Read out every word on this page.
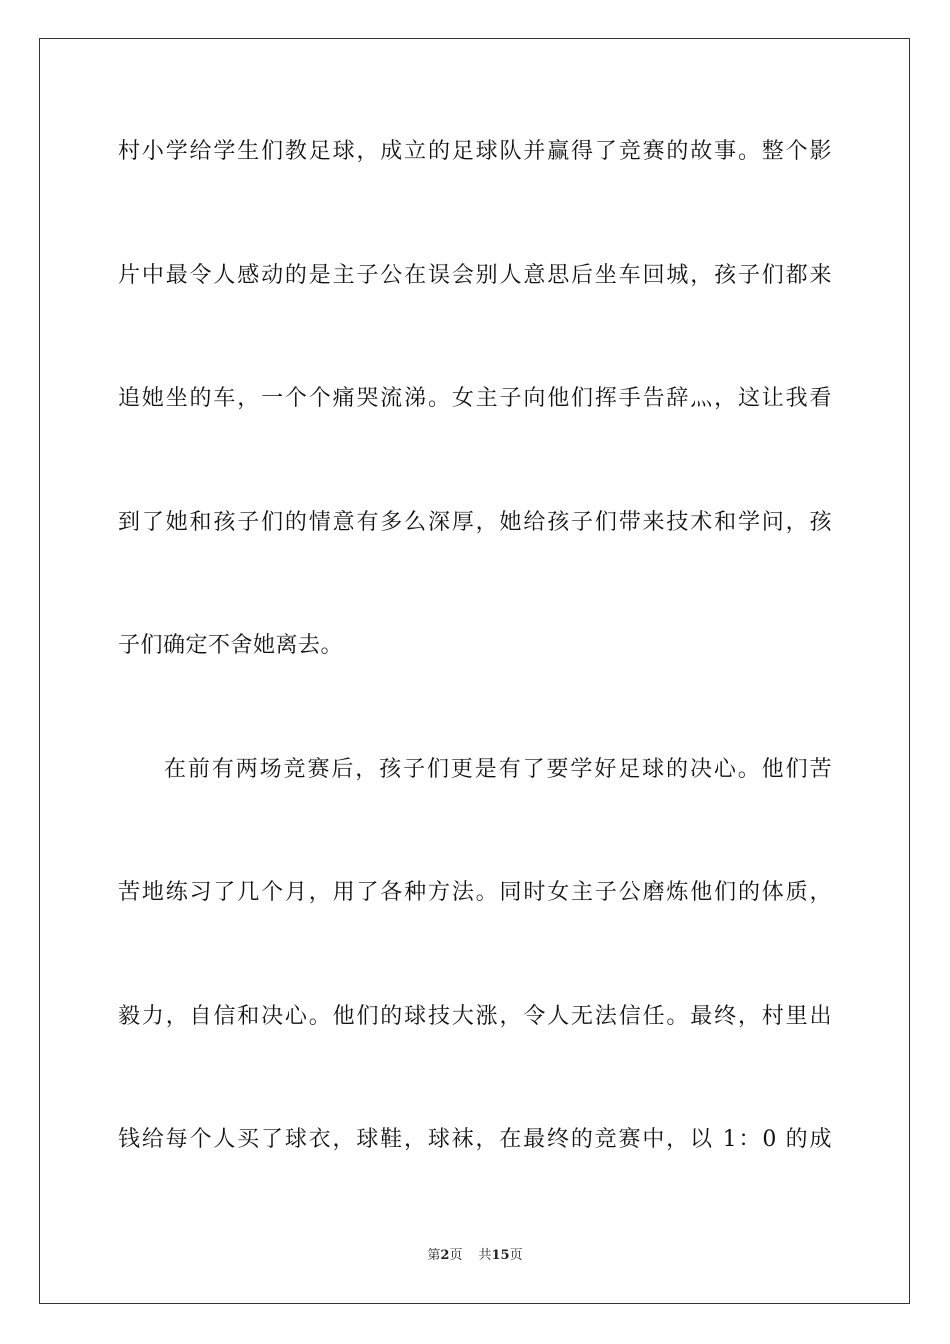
村小学给学生们教足球，成立的足球队并赢得了竞赛的故事。整个影
片中最令人感动的是主子公在误会别人意思后坐车回城，孩子们都来
追她坐的车，一个个痛哭流涕。女主子向他们挥手告辞灬，这让我看
到了她和孩子们的情意有多么深厚，她给孩子们带来技术和学问，孩
子们确定不舍她离去。
在前有两场竞赛后，孩子们更是有了要学好足球的决心。他们苦
苦地练习了几个月，用了各种方法。同时女主子公磨炼他们的体质，
毅力，自信和决心。他们的球技大涨，令人无法信任。最终，村里出
钱给每个人买了球衣，球鞋，球袜，在最终的竞赛中，以 1：0 的成
第2页 共15页
